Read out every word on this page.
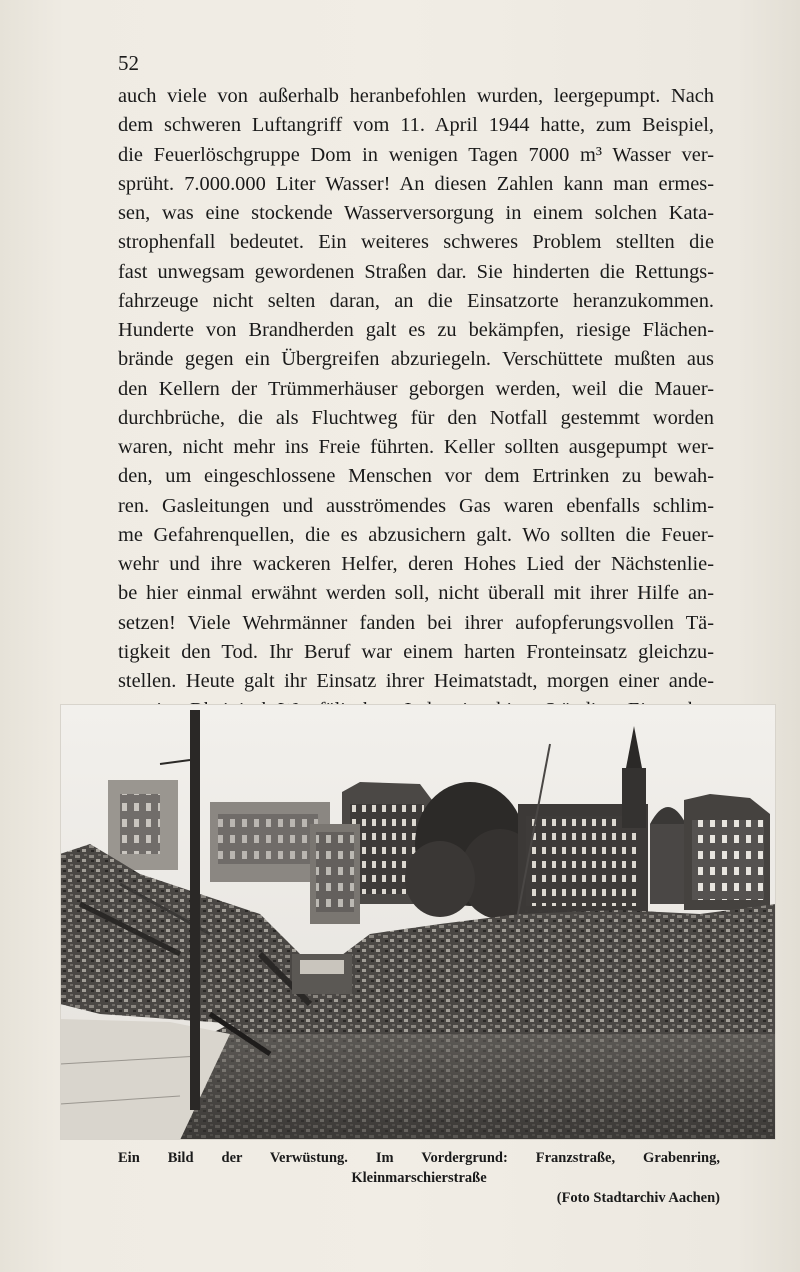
52
auch viele von außerhalb heranbefohlen wurden, leergepumpt. Nach
dem schweren Luftangriff vom 11. April 1944 hatte, zum Beispiel,
die Feuerlöschgruppe Dom in wenigen Tagen 7000 m³ Wasser ver-
sprüht. 7.000.000 Liter Wasser! An diesen Zahlen kann man ermes-
sen, was eine stockende Wasserversorgung in einem solchen Kata-
strophenfall bedeutet. Ein weiteres schweres Problem stellten die
fast unwegsam gewordenen Straßen dar. Sie hinderten die Rettungs-
fahrzeuge nicht selten daran, an die Einsatzorte heranzukommen.
Hunderte von Brandherden galt es zu bekämpfen, riesige Flächen-
brände gegen ein Übergreifen abzuriegeln. Verschüttete mußten aus
den Kellern der Trümmerhäuser geborgen werden, weil die Mauer-
durchbrüche, die als Fluchtweg für den Notfall gestemmt worden
waren, nicht mehr ins Freie führten. Keller sollten ausgepumpt wer-
den, um eingeschlossene Menschen vor dem Ertrinken zu bewah-
ren. Gasleitungen und ausströmendes Gas waren ebenfalls schlim-
me Gefahrenquellen, die es abzusichern galt. Wo sollten die Feuer-
wehr und ihre wackeren Helfer, deren Hohes Lied der Nächstenlie-
be hier einmal erwähnt werden soll, nicht überall mit ihrer Hilfe an-
setzen! Viele Wehrmänner fanden bei ihrer aufopferungsvollen Tä-
tigkeit den Tod. Ihr Beruf war einem harten Fronteinsatz gleichzu-
stellen. Heute galt ihr Einsatz ihrer Heimatstadt, morgen einer ande-
Ein Bild der Verwüstung. Im Vordergrund: Franzstraße, Grabenring,
Kleinmarschierstraße
(Foto Stadtarchiv Aachen)
